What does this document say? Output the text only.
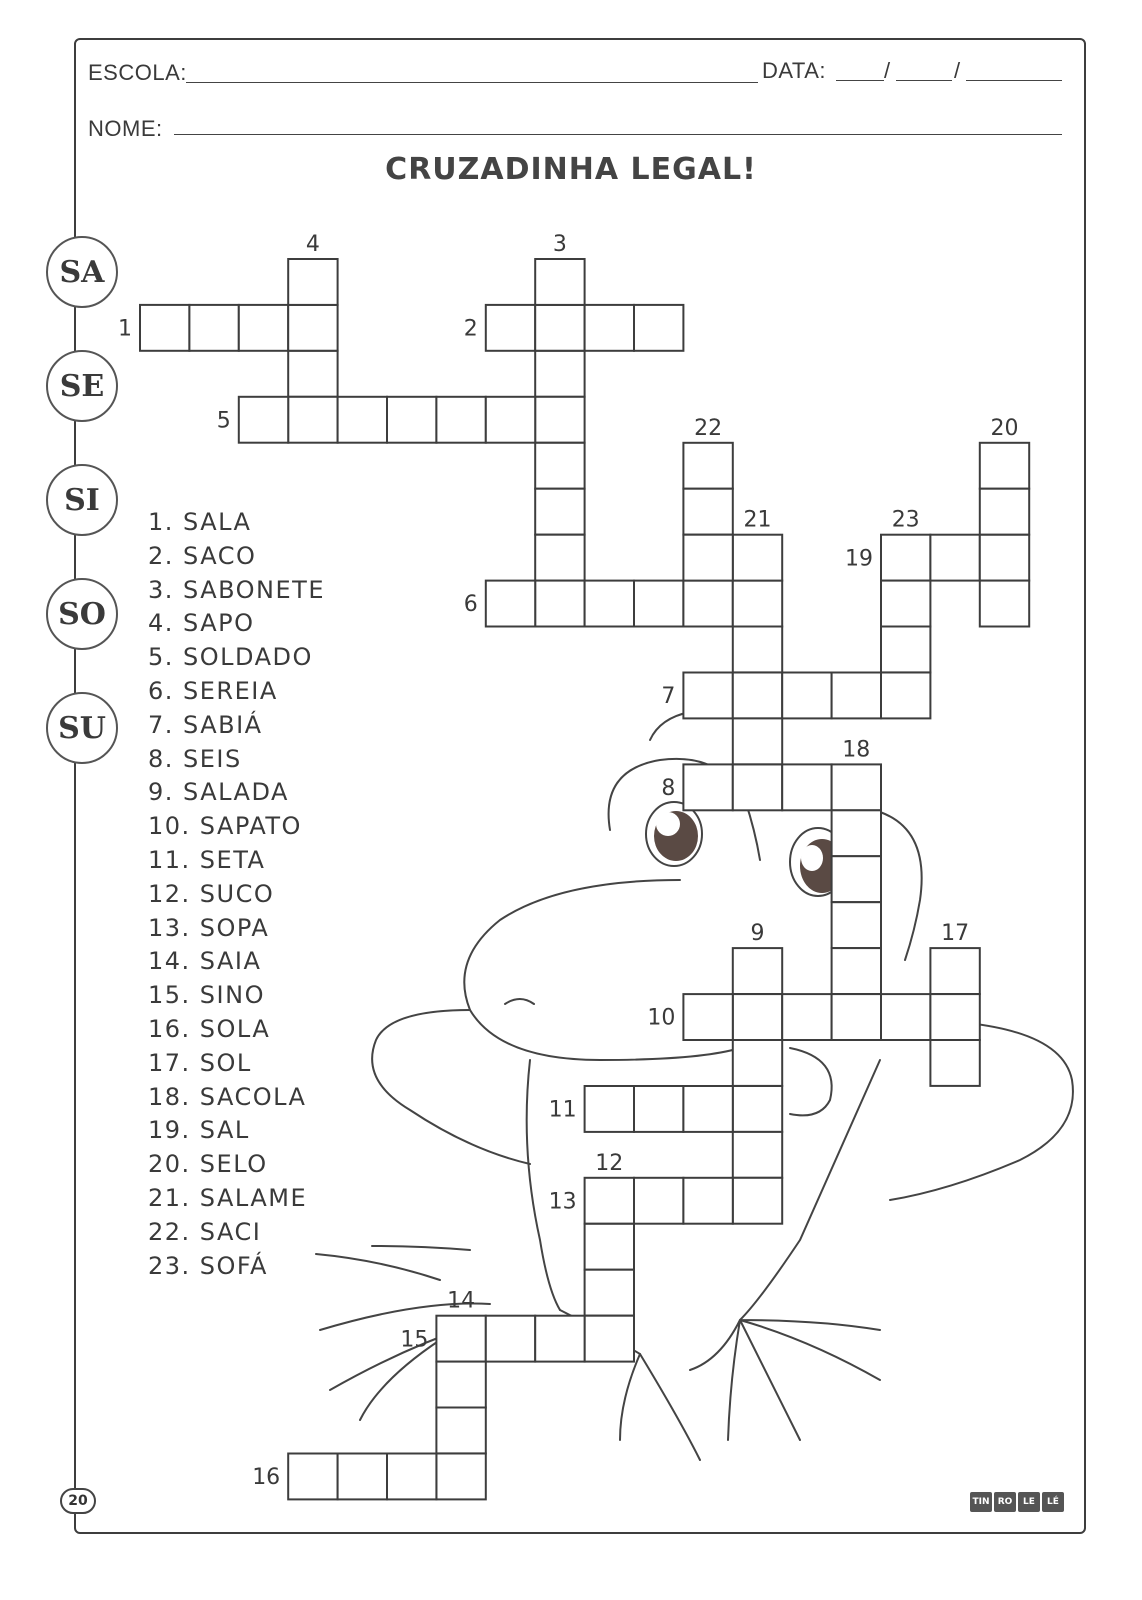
ESCOLA:	DATA:	/	/
NOME:
CRUZADINHA LEGAL!
SA
SE
SI
SO
SU
1. SALA
2. SACO
3. SABONETE
4. SAPO
5. SOLDADO
6. SEREIA
7. SABIÁ
8. SEIS
9. SALADA
10. SAPATO
11. SETA
12. SUCO
13. SOPA
14. SAIA
15. SINO
16. SOLA
17. SOL
18. SACOLA
19. SAL
20. SELO
21. SALAME
22. SACI
23. SOFÁ
1	2
3
4
5
6
7
8
9
10
11
12
13
14
15
16
17
18
19
20
21
22
23
20	TIN RO	LE	LÉ
